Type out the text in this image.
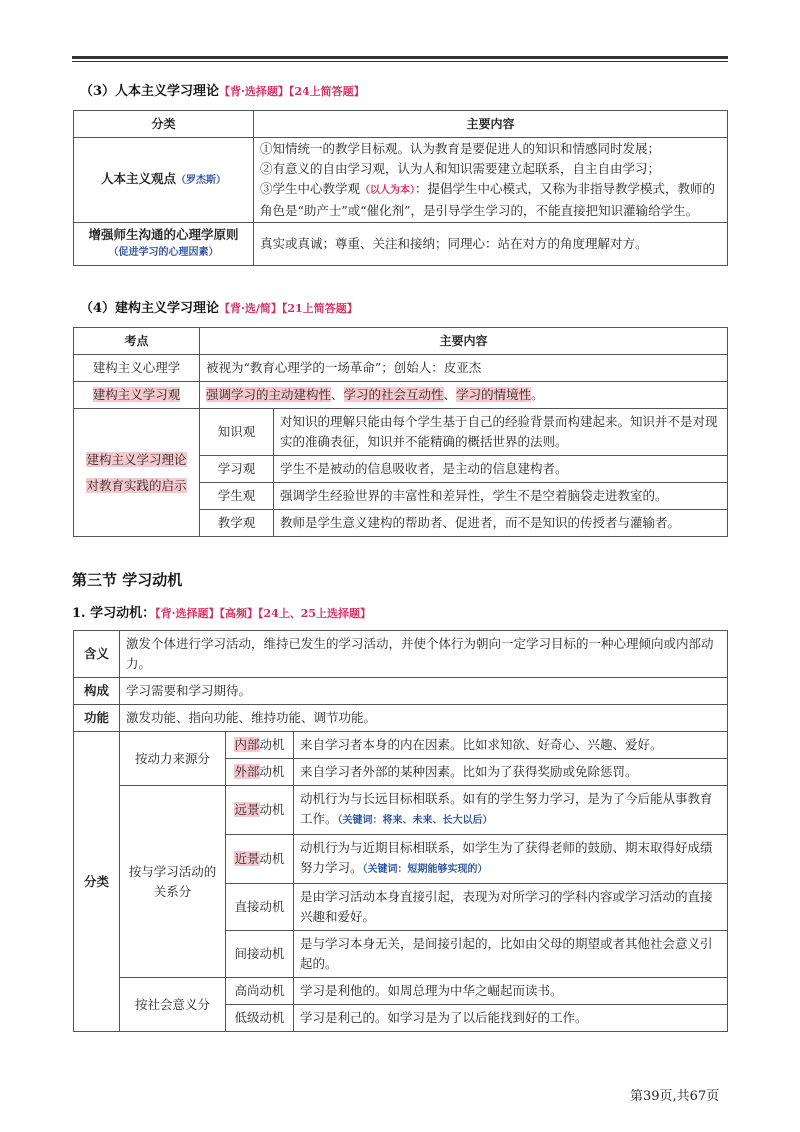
（3）人本主义学习理论【背·选择题】【24上简答题】
分类	主要内容
人本主义观点（罗杰斯）	①知情统一的教学目标观。认为教育是要促进人的知识和情感同时发展；
②有意义的自由学习观，认为人和知识需要建立起联系，自主自由学习；
③学生中心教学观（以人为本）：提倡学生中心模式，又称为非指导教学模式，教师的角色是“助产士”或“催化剂”，是引导学生学习的，不能直接把知识灌输给学生。

增强师生沟通的心理学原则
（促进学习的心理因素）	真实或真诚；尊重、关注和接纳；同理心：站在对方的角度理解对方。
（4）建构主义学习理论【背·选/简】【21上简答题】
考点	主要内容	
建构主义心理学	被视为“教育心理学的一场革命”；创始人：皮亚杰	
建构主义学习观	强调学习的主动建构性、学习的社会互动性、学习的情境性。	

建构主义学习理论
对教育实践的启示	知识观	对知识的理解只能由每个学生基于自己的经验背景而构建起来。知识并不是对现实的准确表征，知识并不能精确的概括世界的法则。
	学习观	学生不是被动的信息吸收者，是主动的信息建构者。
	学生观	强调学生经验世界的丰富性和差异性，学生不是空着脑袋走进教室的。
	教学观	教师是学生意义建构的帮助者、促进者，而不是知识的传授者与灌输者。
第三节 学习动机
1. 学习动机：【背·选择题】【高频】【24上、25上选择题】
含义	激发个体进行学习活动，维持已发生的学习活动，并使个体行为朝向一定学习目标的一种心理倾向或内部动力。		
构成	学习需要和学习期待。		
功能	激发功能、指向功能、维持功能、调节功能。		
分类	按动力来源分	内部动机	来自学习者本身的内在因素。比如求知欲、好奇心、兴趣、爱好。
		外部动机	来自学习者外部的某种因素。比如为了获得奖励或免除惩罚。
	按与学习活动的关系分	远景动机	动机行为与长远目标相联系。如有的学生努力学习，是为了今后能从事教育工作。（关键词：将来、未来、长大以后）
		近景动机	动机行为与近期目标相联系，如学生为了获得老师的鼓励、期末取得好成绩努力学习。（关键词：短期能够实现的）
		直接动机	是由学习活动本身直接引起，表现为对所学习的学科内容或学习活动的直接兴趣和爱好。
		间接动机	是与学习本身无关，是间接引起的，比如由父母的期望或者其他社会意义引起的。
	按社会意义分	高尚动机	学习是利他的。如周总理为中华之崛起而读书。
		低级动机	学习是利己的。如学习是为了以后能找到好的工作。
第39页,共67页
